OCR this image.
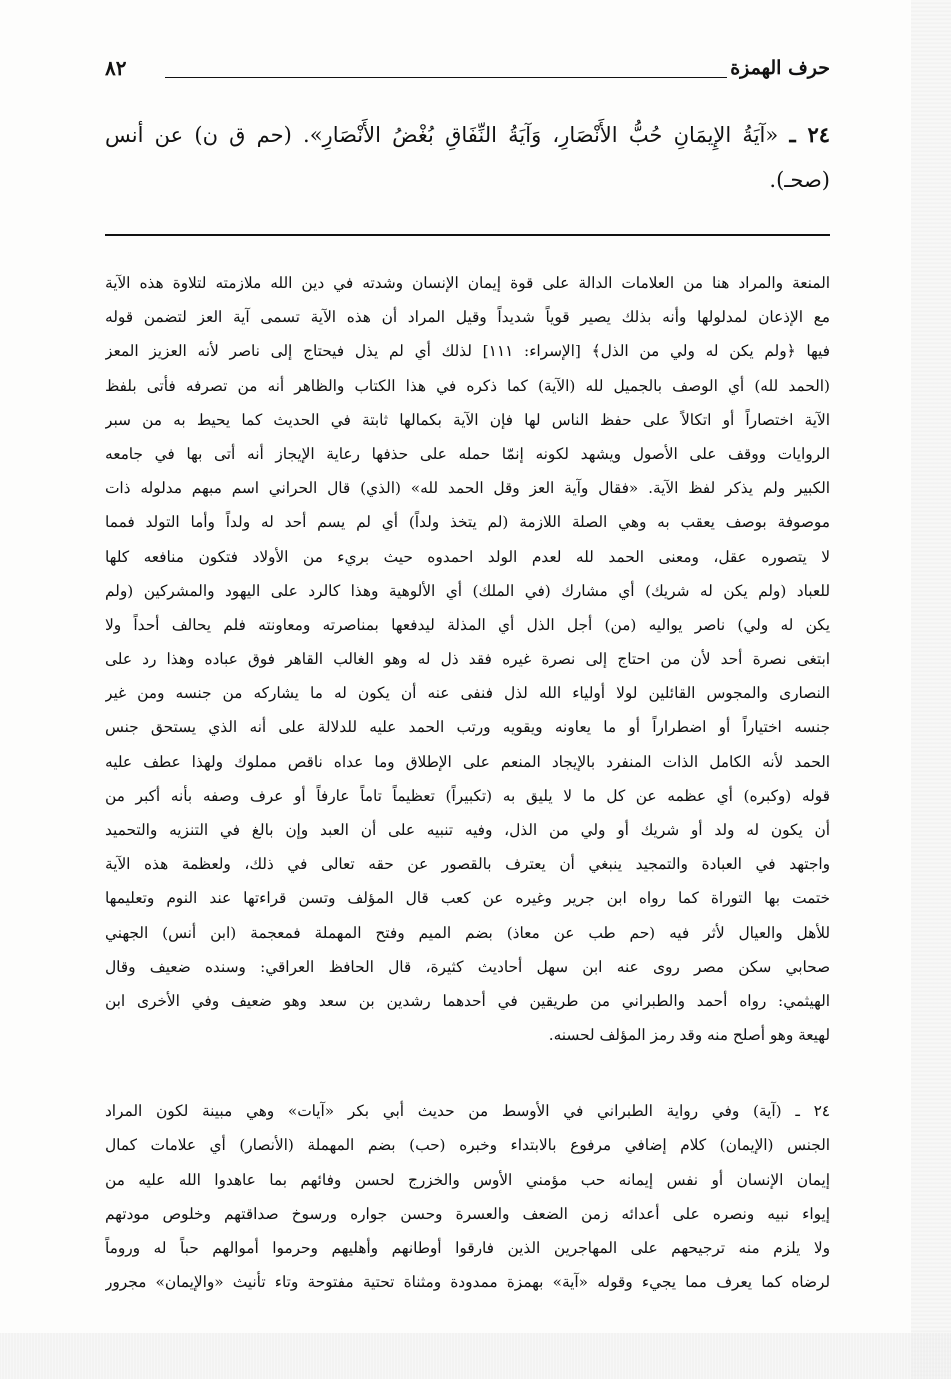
حرف الهمزة
٨٢
٢٤ ـ «آيَةُ الإِيمَانِ حُبُّ الأَنْصَارِ، وَآيَةُ النِّفَاقِ بُغْضُ الأَنْصَارِ». (حم ق ن) عن أنس (صحـ).
المنعة والمراد هنا من العلامات الدالة على قوة إيمان الإنسان وشدته في دين الله ملازمته لتلاوة هذه الآية
مع الإذعان لمدلولها وأنه بذلك يصير قوياً شديداً وقيل المراد أن هذه الآية تسمى آية العز لتضمن قوله
فيها ﴿ولم يكن له ولي من الذل﴾ [الإسراء: ١١١] لذلك أي لم يذل فيحتاج إلى ناصر لأنه العزيز المعز
(الحمد لله) أي الوصف بالجميل لله (الآية) كما ذكره في هذا الكتاب والظاهر أنه من تصرفه فأتى بلفظ
الآية اختصاراً أو اتكالاً على حفظ الناس لها فإن الآية بكمالها ثابتة في الحديث كما يحيط به من سبر
الروايات ووقف على الأصول ويشهد لكونه إنمّا حمله على حذفها رعاية الإيجاز أنه أتى بها في جامعه
الكبير ولم يذكر لفظ الآية. «فقال وآية العز وقل الحمد لله» (الذي) قال الحراني اسم مبهم مدلوله ذات
موصوفة بوصف يعقب به وهي الصلة اللازمة (لم يتخذ ولداً) أي لم يسم أحد له ولداً وأما التولد فمما
لا يتصوره عقل، ومعنى الحمد لله لعدم الولد احمدوه حيث بريء من الأولاد فتكون منافعه كلها
للعباد (ولم يكن له شريك) أي مشارك (في الملك) أي الألوهية وهذا كالرد على اليهود والمشركين (ولم
يكن له ولي) ناصر يواليه (من) أجل الذل أي المذلة ليدفعها بمناصرته ومعاونته فلم يحالف أحداً ولا
ابتغى نصرة أحد لأن من احتاج إلى نصرة غيره فقد ذل له وهو الغالب القاهر فوق عباده وهذا رد على
النصارى والمجوس القائلين لولا أولياء الله لذل فنفى عنه أن يكون له ما يشاركه من جنسه ومن غير
جنسه اختياراً أو اضطراراً أو ما يعاونه ويقويه ورتب الحمد عليه للدلالة على أنه الذي يستحق جنس
الحمد لأنه الكامل الذات المنفرد بالإيجاد المنعم على الإطلاق وما عداه ناقص مملوك ولهذا عطف عليه
قوله (وكبره) أي عظمه عن كل ما لا يليق به (تكبيراً) تعظيماً تاماً عارفاً أو عرف وصفه بأنه أكبر من
أن يكون له ولد أو شريك أو ولي من الذل، وفيه تنبيه على أن العبد وإن بالغ في التنزيه والتحميد
واجتهد في العبادة والتمجيد ينبغي أن يعترف بالقصور عن حقه تعالى في ذلك، ولعظمة هذه الآية
ختمت بها التوراة كما رواه ابن جرير وغيره عن كعب قال المؤلف وتسن قراءتها عند النوم وتعليمها
للأهل والعيال لأثر فيه (حم طب عن معاذ) بضم الميم وفتح المهملة فمعجمة (ابن أنس) الجهني
صحابي سكن مصر روى عنه ابن سهل أحاديث كثيرة، قال الحافظ العراقي: وسنده ضعيف وقال
الهيثمي: رواه أحمد والطبراني من طريقين في أحدهما رشدين بن سعد وهو ضعيف وفي الأخرى ابن
لهيعة وهو أصلح منه وقد رمز المؤلف لحسنه.
٢٤ ـ (آية) وفي رواية الطبراني في الأوسط من حديث أبي بكر «آيات» وهي مبينة لكون المراد
الجنس (الإيمان) كلام إضافي مرفوع بالابتداء وخبره (حب) بضم المهملة (الأنصار) أي علامات كمال
إيمان الإنسان أو نفس إيمانه حب مؤمني الأوس والخزرج لحسن وفائهم بما عاهدوا الله عليه من
إيواء نبيه ونصره على أعدائه زمن الضعف والعسرة وحسن جواره ورسوخ صداقتهم وخلوص مودتهم
ولا يلزم منه ترجيحهم على المهاجرين الذين فارقوا أوطانهم وأهليهم وحرموا أموالهم حباً له وروماً
لرضاه كما يعرف مما يجيء وقوله «آية» بهمزة ممدودة ومثناة تحتية مفتوحة وتاء تأنيث «والإيمان» مجرور
